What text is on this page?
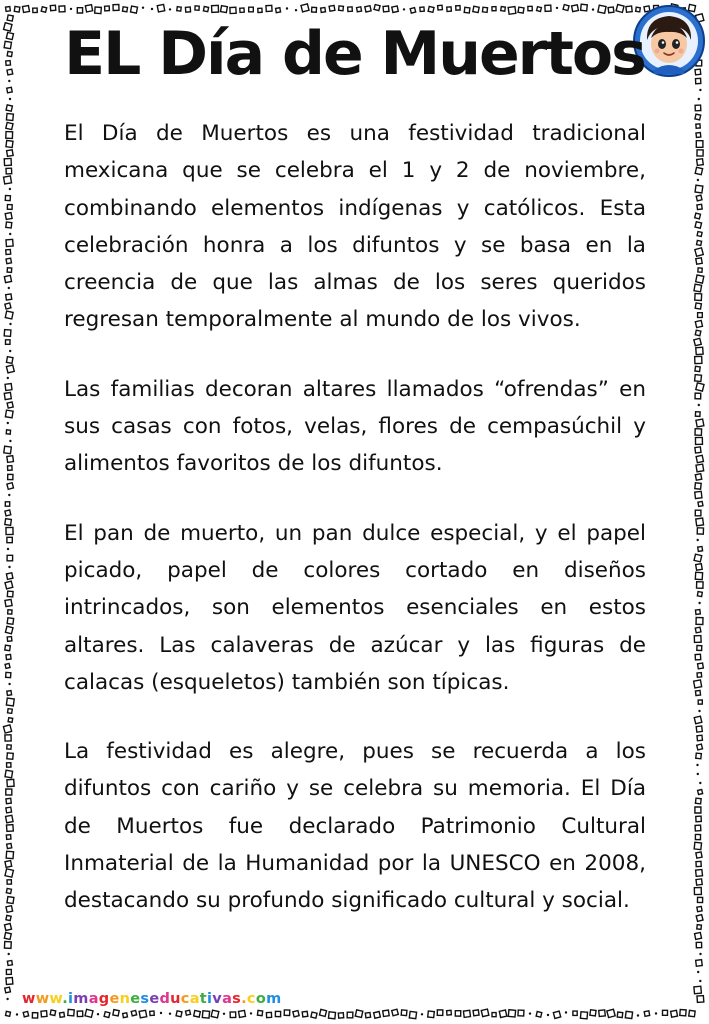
EL Día de Muertos

El Día de Muertos es una festividad tradicional mexicana que se celebra el 1 y 2 de noviembre, combinando elementos indígenas y católicos. Esta celebración honra a los difuntos y se basa en la creencia de que las almas de los seres queridos regresan temporalmente al mundo de los vivos.

Las familias decoran altares llamados “ofrendas” en sus casas con fotos, velas, flores de cempasúchil y alimentos favoritos de los difuntos.

El pan de muerto, un pan dulce especial, y el papel picado, papel de colores cortado en diseños intrincados, son elementos esenciales en estos altares. Las calaveras de azúcar y las figuras de calacas (esqueletos) también son típicas.

La festividad es alegre, pues se recuerda a los difuntos con cariño y se celebra su memoria. El Día de Muertos fue declarado Patrimonio Cultural Inmaterial de la Humanidad por la UNESCO en 2008, destacando su profundo significado cultural y social.

www.imageneseducativas.com
